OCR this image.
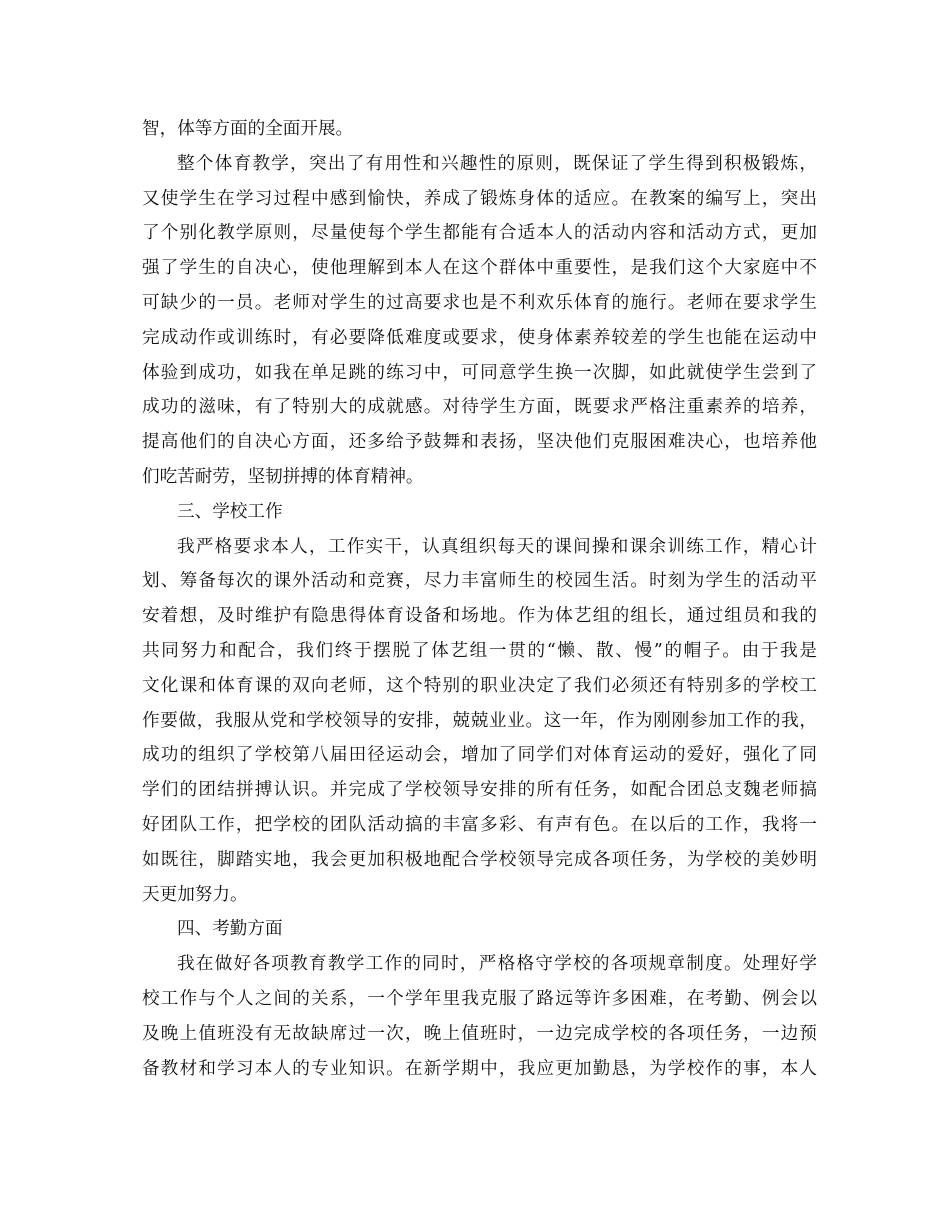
智，体等方面的全面开展。
整个体育教学，突出了有用性和兴趣性的原则，既保证了学生得到积极锻炼，
又使学生在学习过程中感到愉快，养成了锻炼身体的适应。在教案的编写上，突出
了个别化教学原则，尽量使每个学生都能有合适本人的活动内容和活动方式，更加
强了学生的自决心，使他理解到本人在这个群体中重要性，是我们这个大家庭中不
可缺少的一员。老师对学生的过高要求也是不利欢乐体育的施行。老师在要求学生
完成动作或训练时，有必要降低难度或要求，使身体素养较差的学生也能在运动中
体验到成功，如我在单足跳的练习中，可同意学生换一次脚，如此就使学生尝到了
成功的滋味，有了特别大的成就感。对待学生方面，既要求严格注重素养的培养，
提高他们的自决心方面，还多给予鼓舞和表扬，坚决他们克服困难决心，也培养他
们吃苦耐劳，坚韧拼搏的体育精神。
三、学校工作
我严格要求本人，工作实干，认真组织每天的课间操和课余训练工作，精心计
划、筹备每次的课外活动和竞赛，尽力丰富师生的校园生活。时刻为学生的活动平
安着想，及时维护有隐患得体育设备和场地。作为体艺组的组长，通过组员和我的
共同努力和配合，我们终于摆脱了体艺组一贯的“懒、散、慢”的帽子。由于我是
文化课和体育课的双向老师，这个特别的职业决定了我们必须还有特别多的学校工
作要做，我服从党和学校领导的安排，兢兢业业。这一年，作为刚刚参加工作的我，
成功的组织了学校第八届田径运动会，增加了同学们对体育运动的爱好，强化了同
学们的团结拼搏认识。并完成了学校领导安排的所有任务，如配合团总支魏老师搞
好团队工作，把学校的团队活动搞的丰富多彩、有声有色。在以后的工作，我将一
如既往，脚踏实地，我会更加积极地配合学校领导完成各项任务，为学校的美妙明
天更加努力。
四、考勤方面
我在做好各项教育教学工作的同时，严格格守学校的各项规章制度。处理好学
校工作与个人之间的关系，一个学年里我克服了路远等许多困难，在考勤、例会以
及晚上值班没有无故缺席过一次，晚上值班时，一边完成学校的各项任务，一边预
备教材和学习本人的专业知识。在新学期中，我应更加勤恳，为学校作的事，本人
